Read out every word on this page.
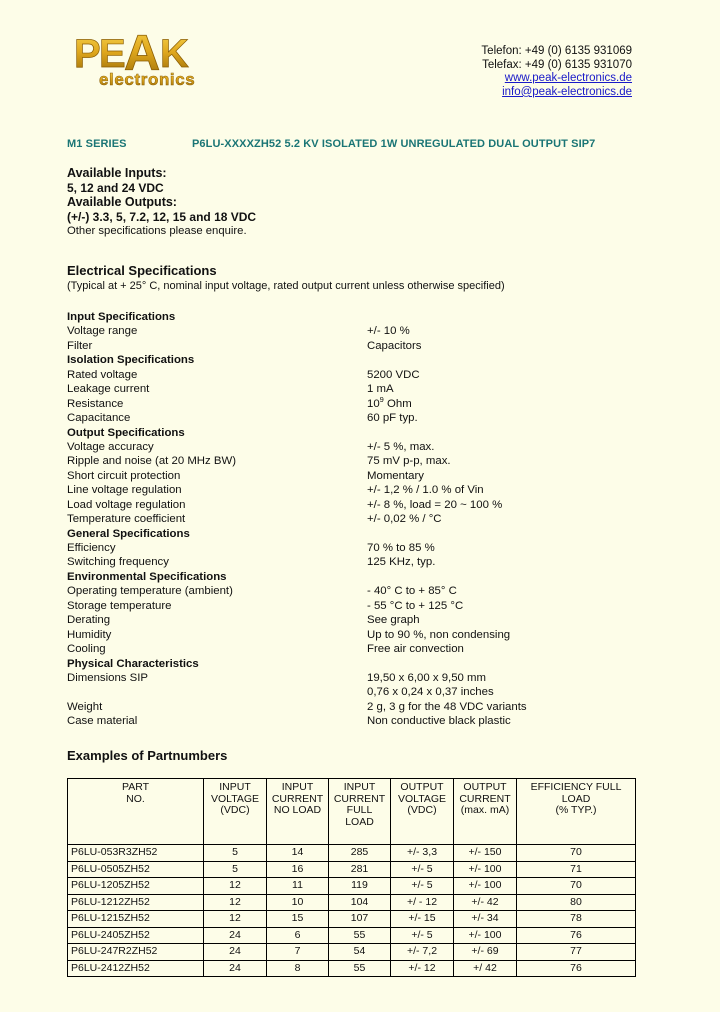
P
E
A K
electronics
Telefon: +49 (0) 6135 931069
Telefax: +49 (0) 6135 931070
www.peak-electronics.de
info@peak-electronics.de
M1 SERIES	P6LU-XXXXZH52 5.2 KV ISOLATED 1W UNREGULATED DUAL OUTPUT SIP7
Available Inputs:
5, 12 and 24 VDC
Available Outputs:
(+/-) 3.3, 5, 7.2, 12, 15 and 18 VDC
Other specifications please enquire.
Electrical Specifications
(Typical at + 25° C, nominal input voltage, rated output current unless otherwise specified)
Input Specifications
Voltage range	+/- 10 %
Filter	Capacitors
Isolation Specifications
Rated voltage	5200 VDC
Leakage current	1 mA
Resistance	$10^9$ Ohm
Capacitance	60 pF typ.
Output Specifications
Voltage accuracy	+/- 5 %, max.
Ripple and noise (at 20 MHz BW)	75 mV p-p, max.
Short circuit protection	Momentary
Line voltage regulation	+/- 1,2 % / 1.0 % of Vin
Load voltage regulation	+/- 8 %, load = 20 ~ 100 %
Temperature coefficient	+/- 0,02 % / °C
General Specifications
Efficiency	70 % to 85 %
Switching frequency	125 KHz, typ.
Environmental Specifications
Operating temperature (ambient)	- 40° C to + 85° C
Storage temperature	- 55 °C to + 125 °C
Derating	See graph
Humidity	Up to 90 %, non condensing
Cooling	Free air convection
Physical Characteristics
Dimensions SIP	19,50 x 6,00 x 9,50 mm
0,76 x 0,24 x 0,37 inches
Weight	2 g, 3 g for the 48 VDC variants
Case material	Non conductive black plastic
Examples of Partnumbers
PART
NO.	INPUT
VOLTAGE
(VDC)	INPUT
CURRENT
NO LOAD	INPUT
CURRENT
FULL
LOAD	OUTPUT
VOLTAGE
(VDC)	OUTPUT
CURRENT
(max. mA)	EFFICIENCY FULL LOAD
(% TYP.)

P6LU-053R3ZH52	5	14	285	+/- 3,3	+/- 150	70
P6LU-0505ZH52	5	16	281	+/- 5	+/- 100	71
P6LU-1205ZH52	12	11	119	+/- 5	+/- 100	70
P6LU-1212ZH52	12	10	104	+/ - 12	+/- 42	80
P6LU-1215ZH52	12	15	107	+/- 15	+/- 34	78
P6LU-2405ZH52	24	6	55	+/- 5	+/- 100	76
P6LU-247R2ZH52	24	7	54	+/- 7,2	+/- 69	77
P6LU-2412ZH52	24	8	55	+/- 12	+/ 42	76
